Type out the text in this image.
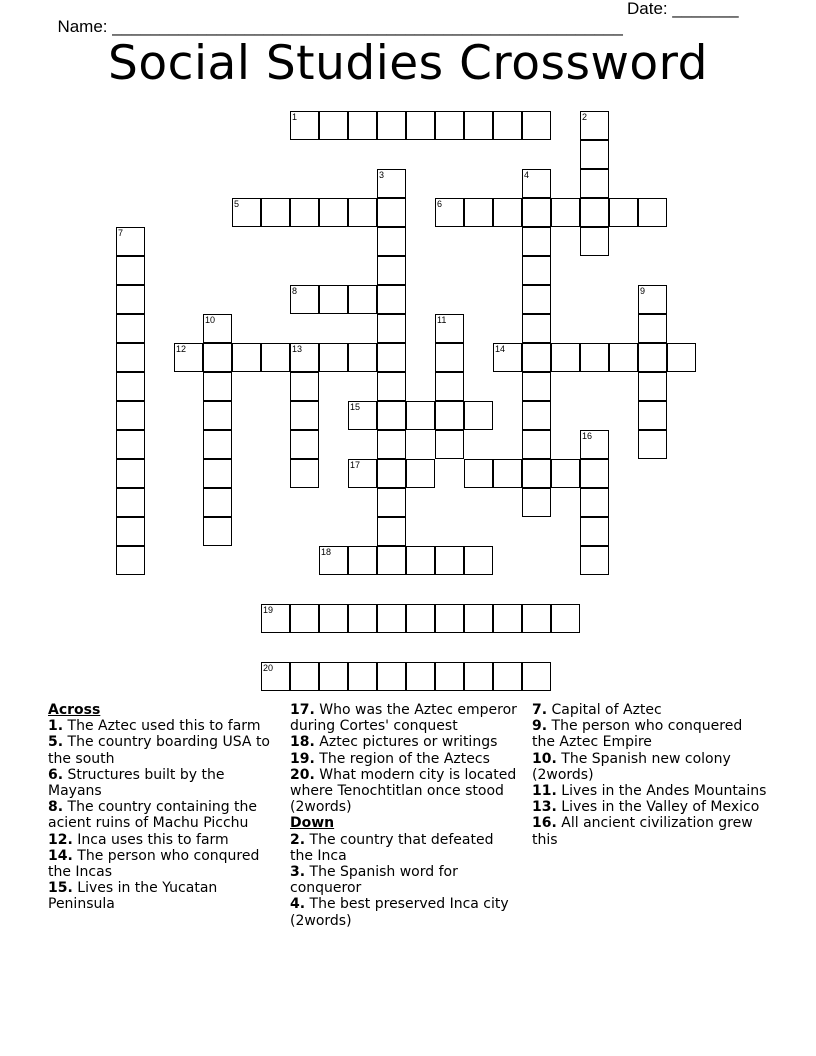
Name: ______________________________________________________

Date: _______

Social Studies Crossword
1	2
3	4
5	6
7
8	9
10	11
12	13	14
15
16
17
18
19
20
Across
1. The Aztec used this to farm
5. The country boarding USA to the south
6. Structures built by the Mayans
8. The country containing the acient ruins of Machu Picchu
12. Inca uses this to farm
14. The person who conqured the Incas
15. Lives in the Yucatan Peninsula
17. Who was the Aztec emperor during Cortes' conquest
18. Aztec pictures or writings
19. The region of the Aztecs
20. What modern city is located where Tenochtitlan once stood (2words)
Down
2. The country that defeated the Inca
3. The Spanish word for conqueror
4. The best preserved Inca city (2words)
7. Capital of Aztec
9. The person who conquered the Aztec Empire
10. The Spanish new colony (2words)
11. Lives in the Andes Mountains
13. Lives in the Valley of Mexico
16. All ancient civilization grew this
